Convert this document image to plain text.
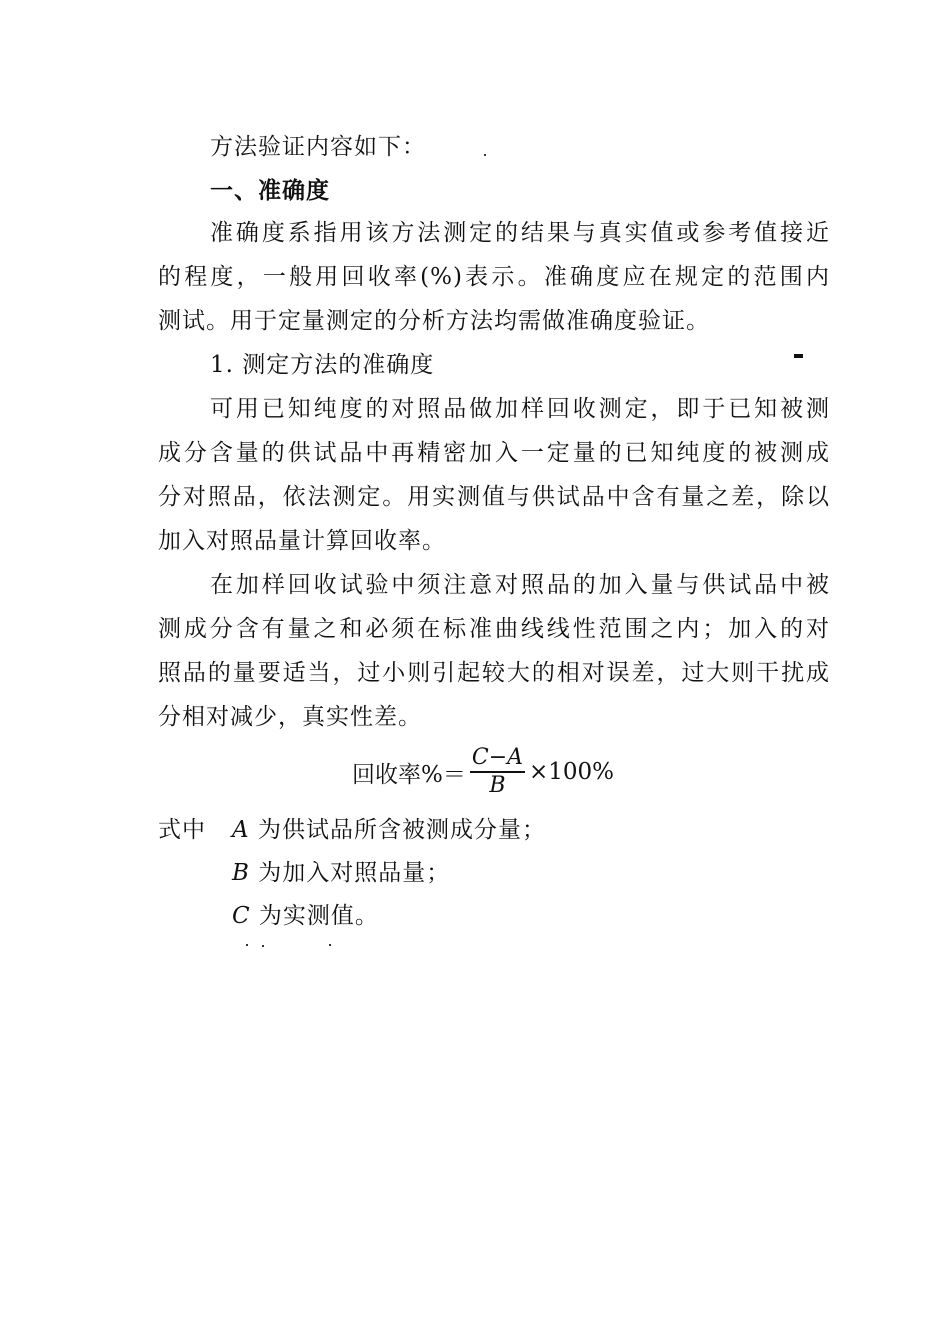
方法验证内容如下：
一、准确度
准确度系指用该方法测定的结果与真实值或参考值接近
的程度，一般用回收率(%)表示。准确度应在规定的范围内
测试。用于定量测定的分析方法均需做准确度验证。
1. 测定方法的准确度
可用已知纯度的对照品做加样回收测定，即于已知被测
成分含量的供试品中再精密加入一定量的已知纯度的被测成
分对照品，依法测定。用实测值与供试品中含有量之差，除以
加入对照品量计算回收率。
在加样回收试验中须注意对照品的加入量与供试品中被
测成分含有量之和必须在标准曲线线性范围之内；加入的对
照品的量要适当，过小则引起较大的相对误差，过大则干扰成
分相对减少，真实性差。
回收率%＝ $\frac{C-A}{B} \times 100\%$
式中 A 为供试品所含被测成分量；
B 为加入对照品量；
C 为实测值。
